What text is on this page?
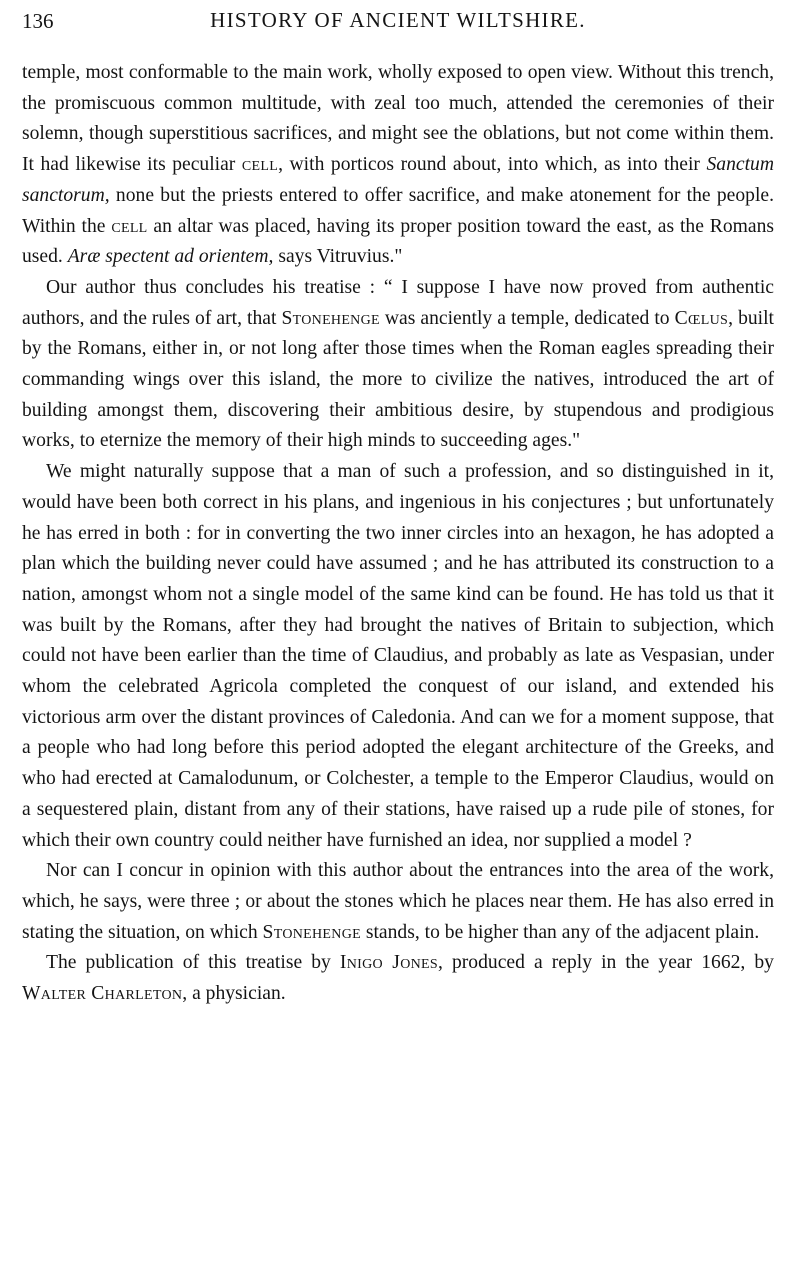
136	HISTORY OF ANCIENT WILTSHIRE.

temple, most conformable to the main work, wholly exposed to open view. Without this trench, the promiscuous common multitude, with zeal too much, attended the ceremonies of their solemn, though superstitious sacrifices, and might see the oblations, but not come within them. It had likewise its peculiar cell, with porticos round about, into which, as into their Sanctum sanctorum, none but the priests entered to offer sacrifice, and make atonement for the people. Within the cell an altar was placed, having its proper position toward the east, as the Romans used. Aræ spectent ad orientem, says Vitruvius."

Our author thus concludes his treatise : “ I suppose I have now proved from authentic authors, and the rules of art, that Stonehenge was anciently a temple, dedicated to Cœlus, built by the Romans, either in, or not long after those times when the Roman eagles spreading their commanding wings over this island, the more to civilize the natives, introduced the art of building amongst them, discovering their ambitious desire, by stupendous and prodigious works, to eternize the memory of their high minds to succeeding ages."

We might naturally suppose that a man of such a profession, and so distinguished in it, would have been both correct in his plans, and ingenious in his conjectures ; but unfortunately he has erred in both : for in converting the two inner circles into an hexagon, he has adopted a plan which the building never could have assumed ; and he has attributed its construction to a nation, amongst whom not a single model of the same kind can be found. He has told us that it was built by the Romans, after they had brought the natives of Britain to subjection, which could not have been earlier than the time of Claudius, and probably as late as Vespasian, under whom the celebrated Agricola completed the conquest of our island, and extended his victorious arm over the distant provinces of Caledonia. And can we for a moment suppose, that a people who had long before this period adopted the elegant architecture of the Greeks, and who had erected at Camalodunum, or Colchester, a temple to the Emperor Claudius, would on a sequestered plain, distant from any of their stations, have raised up a rude pile of stones, for which their own country could neither have furnished an idea, nor supplied a model ?

Nor can I concur in opinion with this author about the entrances into the area of the work, which, he says, were three ; or about the stones which he places near them. He has also erred in stating the situation, on which Stonehenge stands, to be higher than any of the adjacent plain.

The publication of this treatise by Inigo Jones, produced a reply in the year 1662, by Walter Charleton, a physician.
